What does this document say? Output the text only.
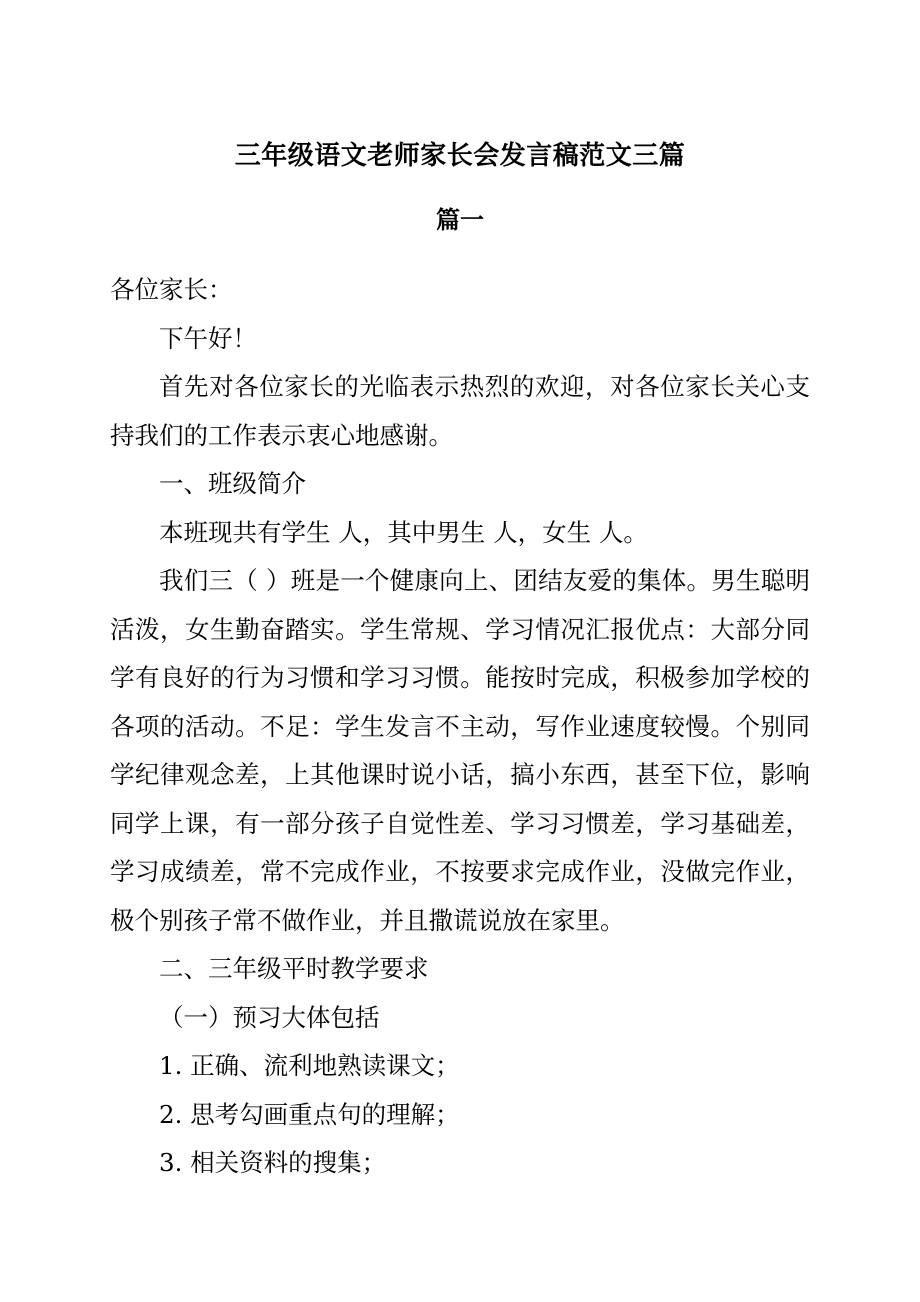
三年级语文老师家长会发言稿范文三篇
篇一

各位家长：

下午好！

首先对各位家长的光临表示热烈的欢迎，对各位家长关心支持我们的工作表示衷心地感谢。

一、班级简介

本班现共有学生 人，其中男生 人，女生 人。

我们三（ ）班是一个健康向上、团结友爱的集体。男生聪明活泼，女生勤奋踏实。学生常规、学习情况汇报优点：大部分同学有良好的行为习惯和学习习惯。能按时完成，积极参加学校的各项的活动。不足：学生发言不主动，写作业速度较慢。个别同学纪律观念差，上其他课时说小话，搞小东西，甚至下位，影响同学上课，有一部分孩子自觉性差、学习习惯差，学习基础差，学习成绩差，常不完成作业，不按要求完成作业，没做完作业，极个别孩子常不做作业，并且撒谎说放在家里。

二、三年级平时教学要求

（一）预习大体包括

1. 正确、流利地熟读课文；

2. 思考勾画重点句的理解；

3. 相关资料的搜集；
